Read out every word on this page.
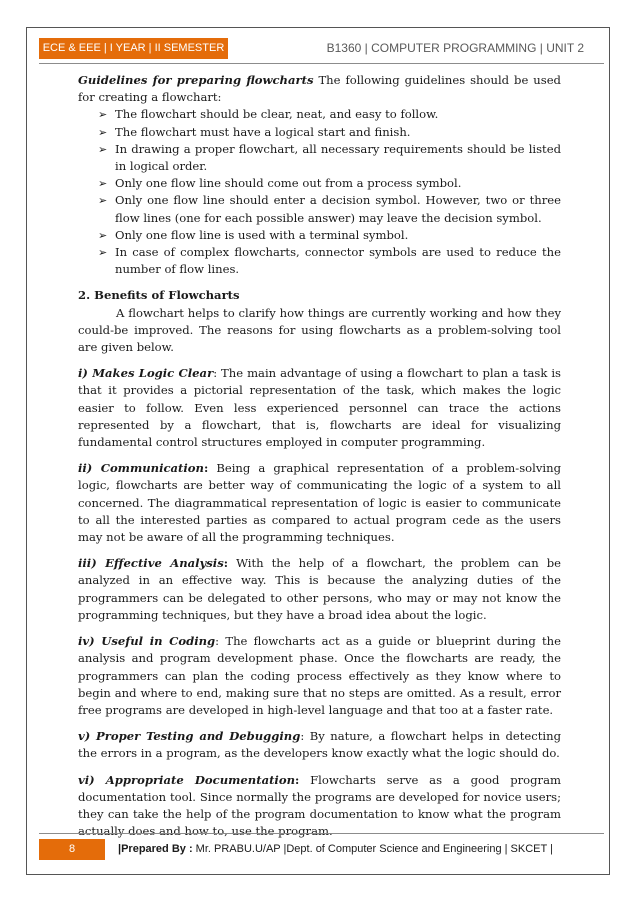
ECE & EEE | I YEAR | II SEMESTER	B1360 | COMPUTER PROGRAMMING | UNIT 2

Guidelines for preparing flowcharts The following guidelines should be used for creating a flowchart:

➢ The flowchart should be clear, neat, and easy to follow.
➢ The flowchart must have a logical start and finish.
➢ In drawing a proper flowchart, all necessary requirements should be listed in logical order.
➢ Only one flow line should come out from a process symbol.
➢ Only one flow line should enter a decision symbol. However, two or three flow lines (one for each possible answer) may leave the decision symbol.
➢ Only one flow line is used with a terminal symbol.
➢ In case of complex flowcharts, connector symbols are used to reduce the number of flow lines.

2. Benefits of Flowcharts

A flowchart helps to clarify how things are currently working and how they could-be improved. The reasons for using flowcharts as a problem-solving tool are given below.

i) Makes Logic Clear: The main advantage of using a flowchart to plan a task is that it provides a pictorial representation of the task, which makes the logic easier to follow. Even less experienced personnel can trace the actions represented by a flowchart, that is, flowcharts are ideal for visualizing fundamental control structures employed in computer programming.

ii) Communication: Being a graphical representation of a problem-solving logic, flowcharts are better way of communicating the logic of a system to all concerned. The diagrammatical representation of logic is easier to communicate to all the interested parties as compared to actual program cede as the users may not be aware of all the programming techniques.

iii) Effective Analysis: With the help of a flowchart, the problem can be analyzed in an effective way. This is because the analyzing duties of the programmers can be delegated to other persons, who may or may not know the programming techniques, but they have a broad idea about the logic.

iv) Useful in Coding: The flowcharts act as a guide or blueprint during the analysis and program development phase. Once the flowcharts are ready, the programmers can plan the coding process effectively as they know where to begin and where to end, making sure that no steps are omitted. As a result, error free programs are developed in high-level language and that too at a faster rate.

v) Proper Testing and Debugging: By nature, a flowchart helps in detecting the errors in a program, as the developers know exactly what the logic should do.

vi) Appropriate Documentation: Flowcharts serve as a good program documentation tool. Since normally the programs are developed for novice users; they can take the help of the program documentation to know what the program actually does and how to, use the program.

8	|Prepared By : Mr. PRABU.U/AP |Dept. of Computer Science and Engineering | SKCET |
